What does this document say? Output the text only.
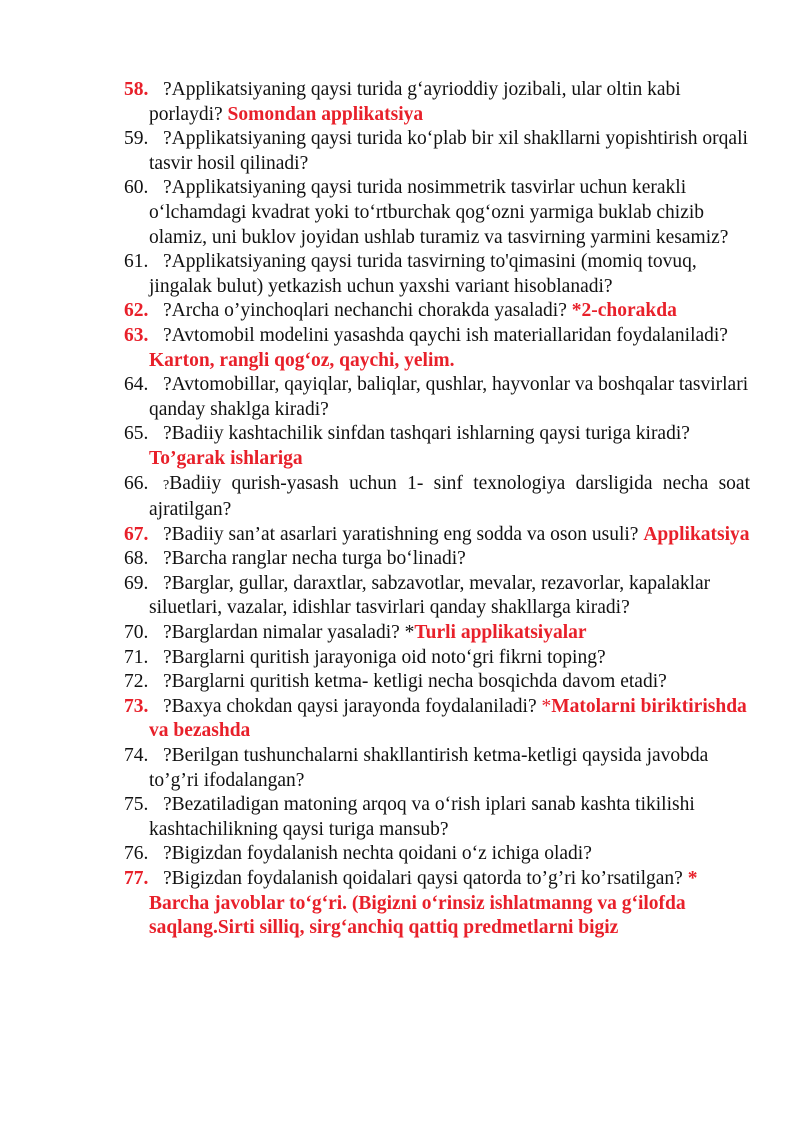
58. ?Applikatsiyaning qaysi turida g‘ayrioddiy jozibali, ular oltin kabi porlaydi? Somondan applikatsiya
59. ?Applikatsiyaning qaysi turida ko‘plab bir xil shakllarni yopishtirish orqali tasvir hosil qilinadi?
60. ?Applikatsiyaning qaysi turida nosimmetrik tasvirlar uchun kerakli o‘lchamdagi kvadrat yoki to‘rtburchak qog‘ozni yarmiga buklab chizib olamiz, uni buklov joyidan ushlab turamiz va tasvirning yarmini kesamiz?
61. ?Applikatsiyaning qaysi turida tasvirning to'qimasini (momiq tovuq, jingalak bulut) yetkazish uchun yaxshi variant hisoblanadi?
62. ?Archa o’yinchoqlari nechanchi chorakda yasaladi? *2-chorakda
63. ?Avtomobil modelini yasashda qaychi ish materiallaridan foydalaniladi? Karton, rangli qog‘oz, qaychi, yelim.
64. ?Avtomobillar, qayiqlar, baliqlar, qushlar, hayvonlar va boshqalar tasvirlari qanday shaklga kiradi?
65. ?Badiiy kashtachilik sinfdan tashqari ishlarning qaysi turiga kiradi? To’garak ishlariga
66.	?Badiiy qurish-yasash uchun 1- sinf texnologiya darsligida necha soat ajratilgan?
67. ?Badiiy san’at asarlari yaratishning eng sodda va oson usuli? Applikatsiya
68. ?Barcha ranglar necha turga bo‘linadi?
69. ?Barglar, gullar, daraxtlar, sabzavotlar, mevalar, rezavorlar, kapalaklar siluetlari, vazalar, idishlar tasvirlari qanday shakllarga kiradi?
70. ?Barglardan nimalar yasaladi? *Turli applikatsiyalar
71. ?Barglarni quritish jarayoniga oid noto‘gri fikrni toping?
72. ?Barglarni quritish ketma- ketligi necha bosqichda davom etadi?
73. ?Baxya chokdan qaysi jarayonda foydalaniladi? *Matolarni biriktirishda va bezashda
74. ?Berilgan tushunchalarni shakllantirish ketma-ketligi qaysida javobda to’g’ri ifodalangan?
75. ?Bezatiladigan matoning arqoq va o‘rish iplari sanab kashta tikilishi kashtachilikning qaysi turiga mansub?
76. ?Bigizdan foydalanish nechta qoidani o‘z ichiga oladi?
77. ?Bigizdan foydalanish qoidalari qaysi qatorda to’g’ri ko’rsatilgan? * Barcha javoblar to‘g‘ri. (Bigizni o‘rinsiz ishlatmanng va g‘ilofda saqlang.Sirti silliq, sirg‘anchiq qattiq predmetlarni bigiz
